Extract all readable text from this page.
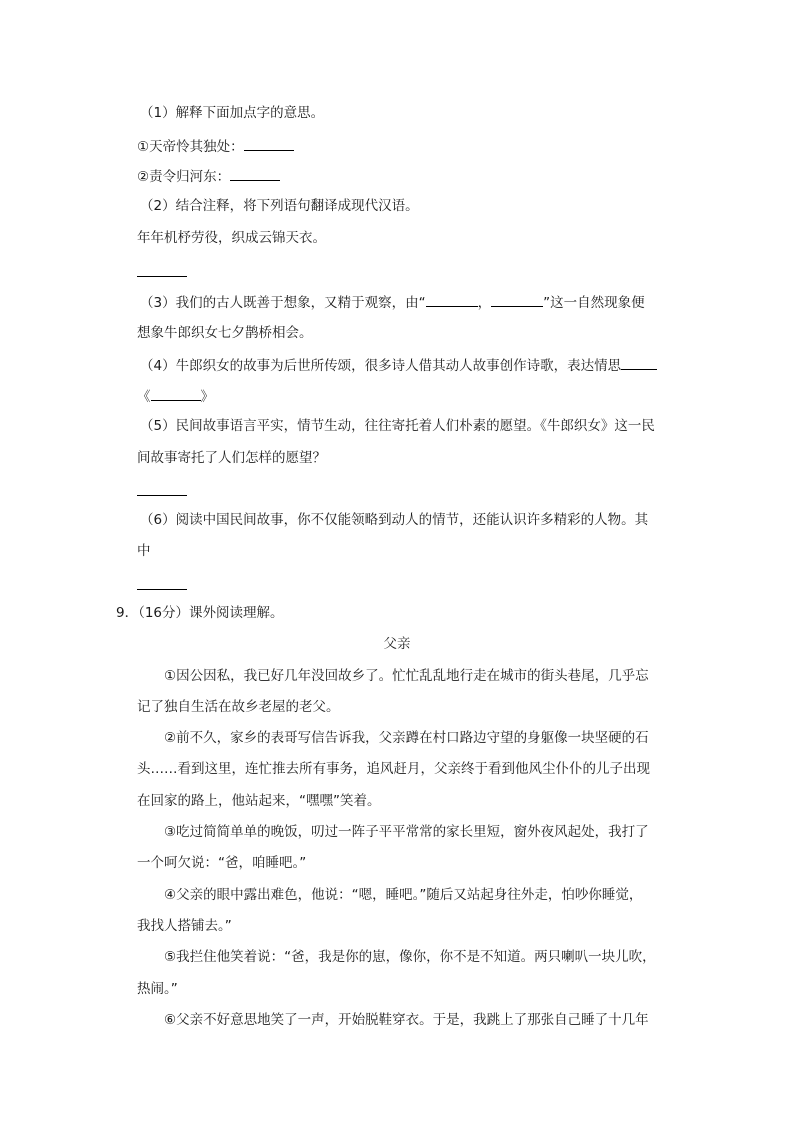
（1）解释下面加点字的意思。
①天帝怜其独处：
②责令归河东：
（2）结合注释，将下列语句翻译成现代汉语。
年年机杼劳役，织成云锦天衣。
（3）我们的古人既善于想象，又精于观察，由“	，	”这一自然现象便
想象牛郎织女七夕鹊桥相会。
（4）牛郎织女的故事为后世所传颂，很多诗人借其动人故事创作诗歌，表达情思
《	》
（5）民间故事语言平实，情节生动，往往寄托着人们朴素的愿望。《牛郎织女》这一民
间故事寄托了人们怎样的愿望？
（6）阅读中国民间故事，你不仅能领略到动人的情节，还能认识许多精彩的人物。其
中
9．（16分）课外阅读理解。
父亲
①因公因私，我已好几年没回故乡了。忙忙乱乱地行走在城市的街头巷尾，几乎忘
记了独自生活在故乡老屋的老父。
②前不久，家乡的表哥写信告诉我，父亲蹲在村口路边守望的身躯像一块坚硬的石
头……看到这里，连忙推去所有事务，追风赶月，父亲终于看到他风尘仆仆的儿子出现
在回家的路上，他站起来，“嘿嘿”笑着。
③吃过简简单单的晚饭，叨过一阵子平平常常的家长里短，窗外夜风起处，我打了
一个呵欠说：“爸，咱睡吧。”
④父亲的眼中露出难色，他说：“嗯，睡吧。”随后又站起身往外走，怕吵你睡觉，
我找人搭铺去。”
⑤我拦住他笑着说：“爸，我是你的崽，像你，你不是不知道。两只喇叭一块儿吹，
热闹。”
⑥父亲不好意思地笑了一声，开始脱鞋穿衣。于是，我跳上了那张自己睡了十几年
